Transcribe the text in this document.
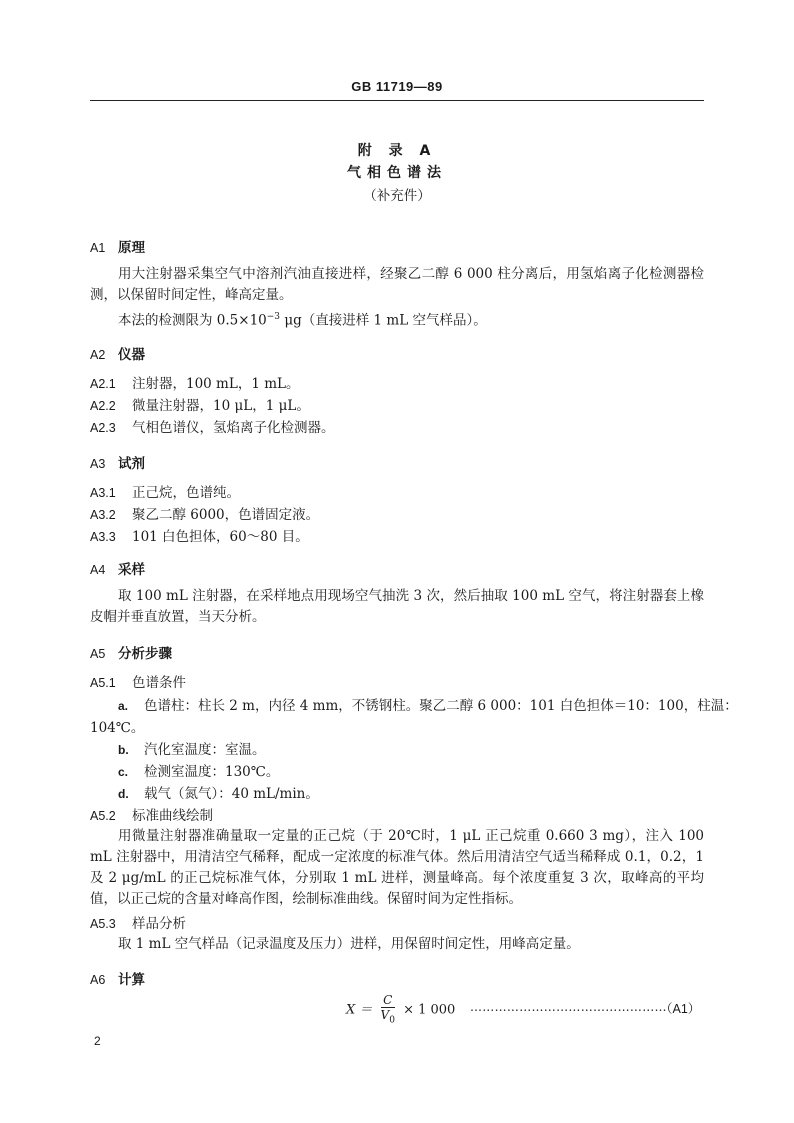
GB 11719—89
附 录 A
气相色谱法
（补充件）
A1 原理
用大注射器采集空气中溶剂汽油直接进样，经聚乙二醇 6 000 柱分离后，用氢焰离子化检测器检测，以保留时间定性，峰高定量。
本法的检测限为 $0.5\times 10^{-3}$ μg（直接进样 1 mL 空气样品）。
A2 仪器
A2.1 注射器，100 mL，1 mL。
A2.2 微量注射器，10 μL，1 μL。
A2.3 气相色谱仪，氢焰离子化检测器。
A3 试剂
A3.1 正己烷，色谱纯。
A3.2 聚乙二醇 6000，色谱固定液。
A3.3 101 白色担体，60～80 目。
A4 采样
取 100 mL 注射器，在采样地点用现场空气抽洗 3 次，然后抽取 100 mL 空气，将注射器套上橡皮帽并垂直放置，当天分析。
A5 分析步骤
A5.1 色谱条件
a. 色谱柱：柱长 2 m，内径 4 mm，不锈钢柱。聚乙二醇 6 000：101 白色担体＝10：100，柱温：
104℃。
b. 汽化室温度：室温。
c. 检测室温度：130℃。
d. 载气（氮气）：40 mL/min。
A5.2 标准曲线绘制
用微量注射器准确量取一定量的正己烷（于 20℃时，1 μL 正己烷重 0.660 3 mg），注入 100 mL 注射器中，用清洁空气稀释，配成一定浓度的标准气体。然后用清洁空气适当稀释成 0.1，0.2，1 及 2 μg/mL 的正己烷标准气体，分别取 1 mL 进样，测量峰高。每个浓度重复 3 次，取峰高的平均值，以正己烷的含量对峰高作图，绘制标准曲线。保留时间为定性指标。
A5.3 样品分析
取 1 mL 空气样品（记录温度及压力）进样，用保留时间定性，用峰高定量。
A6 计算
$X = \frac{C}{V_0} \times 1$ 000 …………………………………………
（A1）
2
